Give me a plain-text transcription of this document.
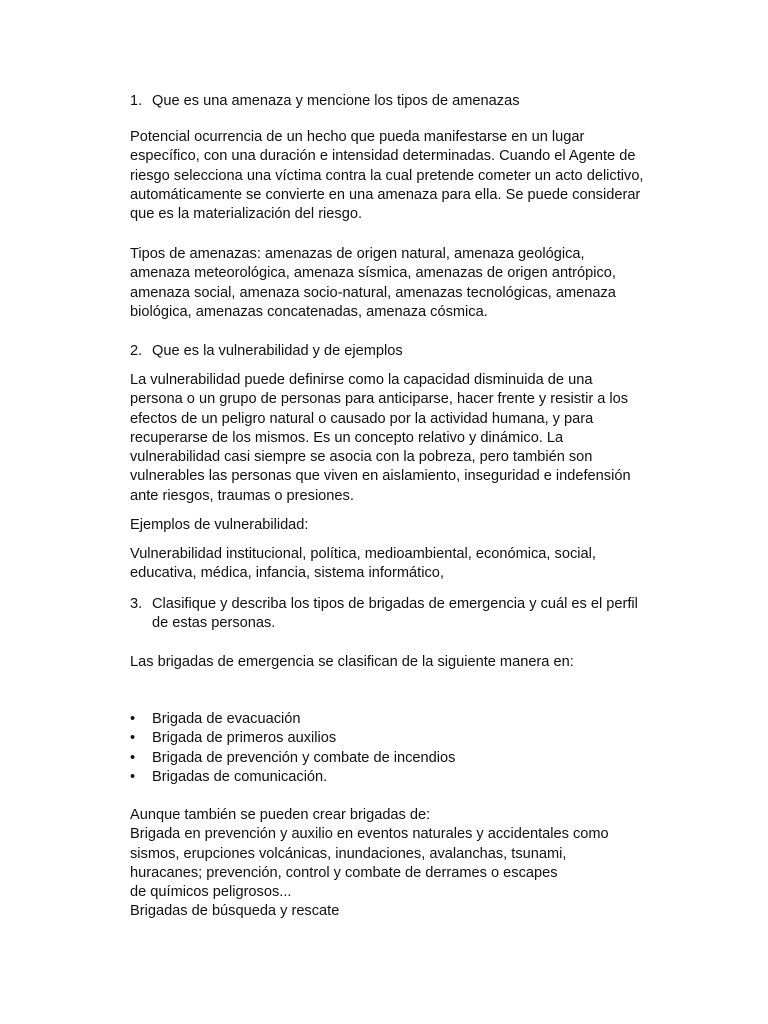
1. Que es una amenaza y mencione los tipos de amenazas
Potencial ocurrencia de un hecho que pueda manifestarse en un lugar
específico, con una duración e intensidad determinadas. Cuando el Agente de
riesgo selecciona una víctima contra la cual pretende cometer un acto delictivo,
automáticamente se convierte en una amenaza para ella. Se puede considerar
que es la materialización del riesgo.
Tipos de amenazas: amenazas de origen natural, amenaza geológica,
amenaza meteorológica, amenaza sísmica, amenazas de origen antrópico,
amenaza social, amenaza socio-natural, amenazas tecnológicas, amenaza
biológica, amenazas concatenadas, amenaza cósmica.
2. Que es la vulnerabilidad y de ejemplos
La vulnerabilidad puede definirse como la capacidad disminuida de una
persona o un grupo de personas para anticiparse, hacer frente y resistir a los
efectos de un peligro natural o causado por la actividad humana, y para
recuperarse de los mismos. Es un concepto relativo y dinámico. La
vulnerabilidad casi siempre se asocia con la pobreza, pero también son
vulnerables las personas que viven en aislamiento, inseguridad e indefensión
ante riesgos, traumas o presiones.
Ejemplos de vulnerabilidad:
Vulnerabilidad institucional, política, medioambiental, económica, social,
educativa, médica, infancia, sistema informático,
3. Clasifique y describa los tipos de brigadas de emergencia y cuál es el perfil
de estas personas.
Las brigadas de emergencia se clasifican de la siguiente manera en:
• Brigada de evacuación
• Brigada de primeros auxilios
• Brigada de prevención y combate de incendios
• Brigadas de comunicación.
Aunque también se pueden crear brigadas de:
Brigada en prevención y auxilio en eventos naturales y accidentales como
sismos, erupciones volcánicas, inundaciones, avalanchas, tsunami,
huracanes; prevención, control y combate de derrames o escapes
de químicos peligrosos...
Brigadas de búsqueda y rescate
